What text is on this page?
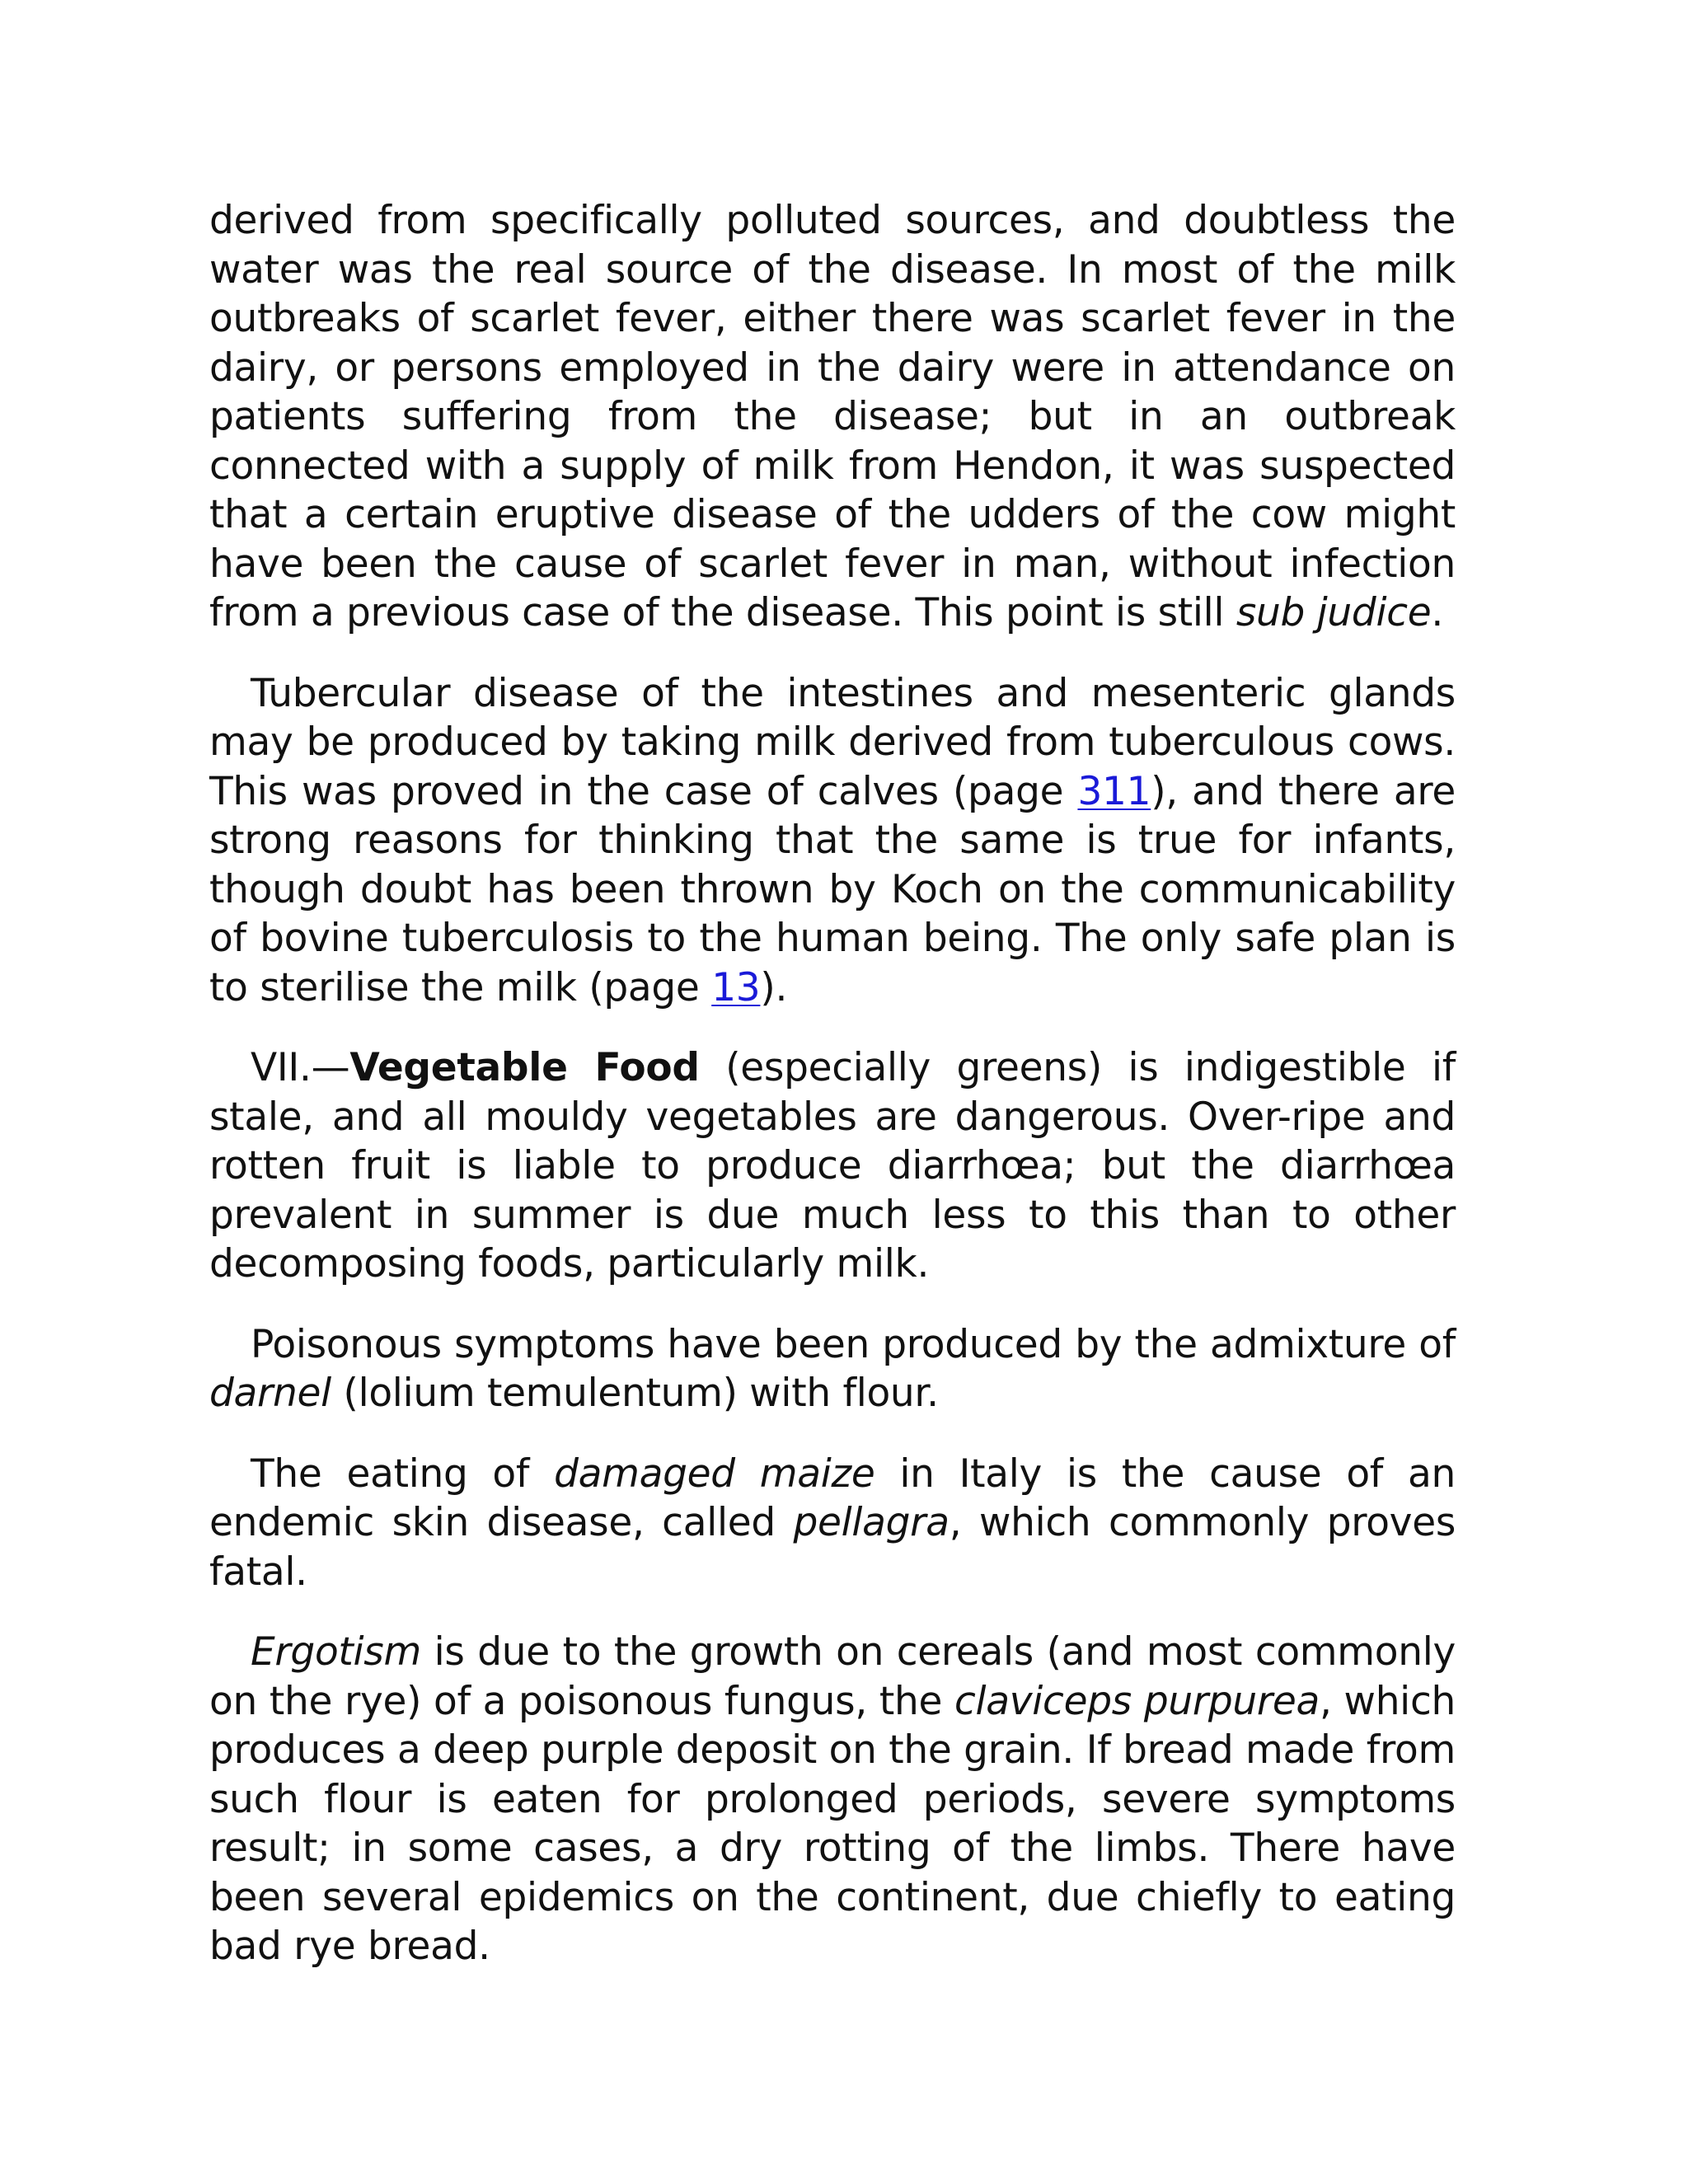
derived from specifically polluted sources, and doubtless the water was the real source of the disease. In most of the milk outbreaks of scarlet fever, either there was scarlet fever in the dairy, or persons employed in the dairy were in attendance on patients suffering from the disease; but in an outbreak connected with a supply of milk from Hendon, it was suspected that a certain eruptive disease of the udders of the cow might have been the cause of scarlet fever in man, without infection from a previous case of the disease. This point is still sub judice.

Tubercular disease of the intestines and mesenteric glands may be produced by taking milk derived from tuberculous cows. This was proved in the case of calves (page 311), and there are strong reasons for thinking that the same is true for infants, though doubt has been thrown by Koch on the communicability of bovine tuberculosis to the human being. The only safe plan is to sterilise the milk (page 13).

VII.—Vegetable Food (especially greens) is indigestible if stale, and all mouldy vegetables are dangerous. Over-ripe and rotten fruit is liable to produce diarrhœa; but the diarrhœa prevalent in summer is due much less to this than to other decomposing foods, particularly milk.

Poisonous symptoms have been produced by the admixture of darnel (lolium temulentum) with flour.

The eating of damaged maize in Italy is the cause of an endemic skin disease, called pellagra, which commonly proves fatal.

Ergotism is due to the growth on cereals (and most commonly on the rye) of a poisonous fungus, the claviceps purpurea, which produces a deep purple deposit on the grain. If bread made from such flour is eaten for prolonged periods, severe symptoms result; in some cases, a dry rotting of the limbs. There have been several epidemics on the continent, due chiefly to eating bad rye bread.
